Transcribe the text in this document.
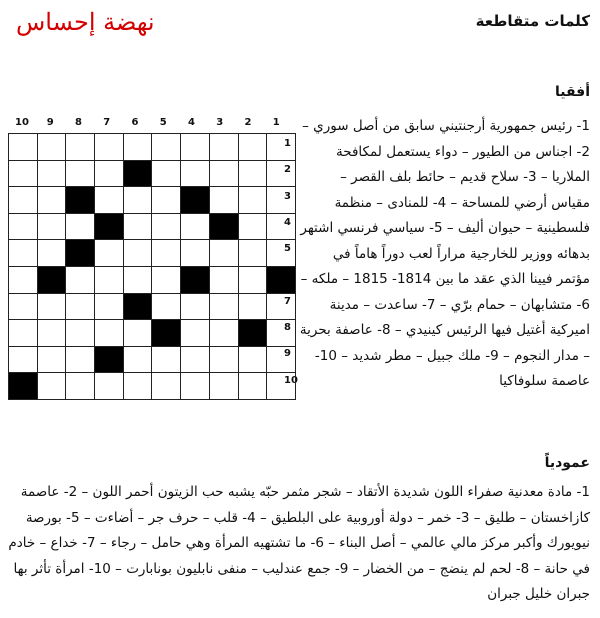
كلمات متقاطعة
نهضة إحساس
10	9	8	7	6	5	4	3	2	1
1
2
3
4
5
7
8
9
10

أفقيا
1- رئيس جمهورية أرجنتيني سابق من أصل سوري – 2- اجناس من الطيور – دواء يستعمل لمكافحة الملاريا – 3- سلاح قديم – حائط بلف القصر – مقياس أرضي للمساحة – 4- للمنادى – منظمة فلسطينية – حيوان أليف – 5- سياسي فرنسي اشتهر بدهائه ووزير للخارجية مراراً لعب دوراً هاماً في مؤتمر فيينا الذي عقد ما بين 1814- 1815 – ملكه – 6- متشابهان – حمام برّي – 7- ساعدت – مدينة اميركية أغتيل فيها الرئيس كينيدي – 8- عاصفة بحرية – مدار النجوم – 9- ملك جبيل – مطر شديد – 10- عاصمة سلوفاكيا
عمودياً
1- مادة معدنية صفراء اللون شديدة الأتقاد – شجر مثمر حبّه يشبه حب الزيتون أحمر اللون – 2- عاصمة كازاخستان – طليق – 3- خمر – دولة أوروبية على البلطيق – 4- قلب – حرف جر – أضاءت – 5- بورصة نيويورك وأكبر مركز مالي عالمي – أصل البناء – 6- ما تشتهيه المرأة وهي حامل – رجاء – 7- خداع – خادم في حانة – 8- لحم لم ينضج – من الخضار – 9- جمع عندليب – منفى نابليون بونابارت – 10- امرأة تأثر بها جبران خليل جبران
